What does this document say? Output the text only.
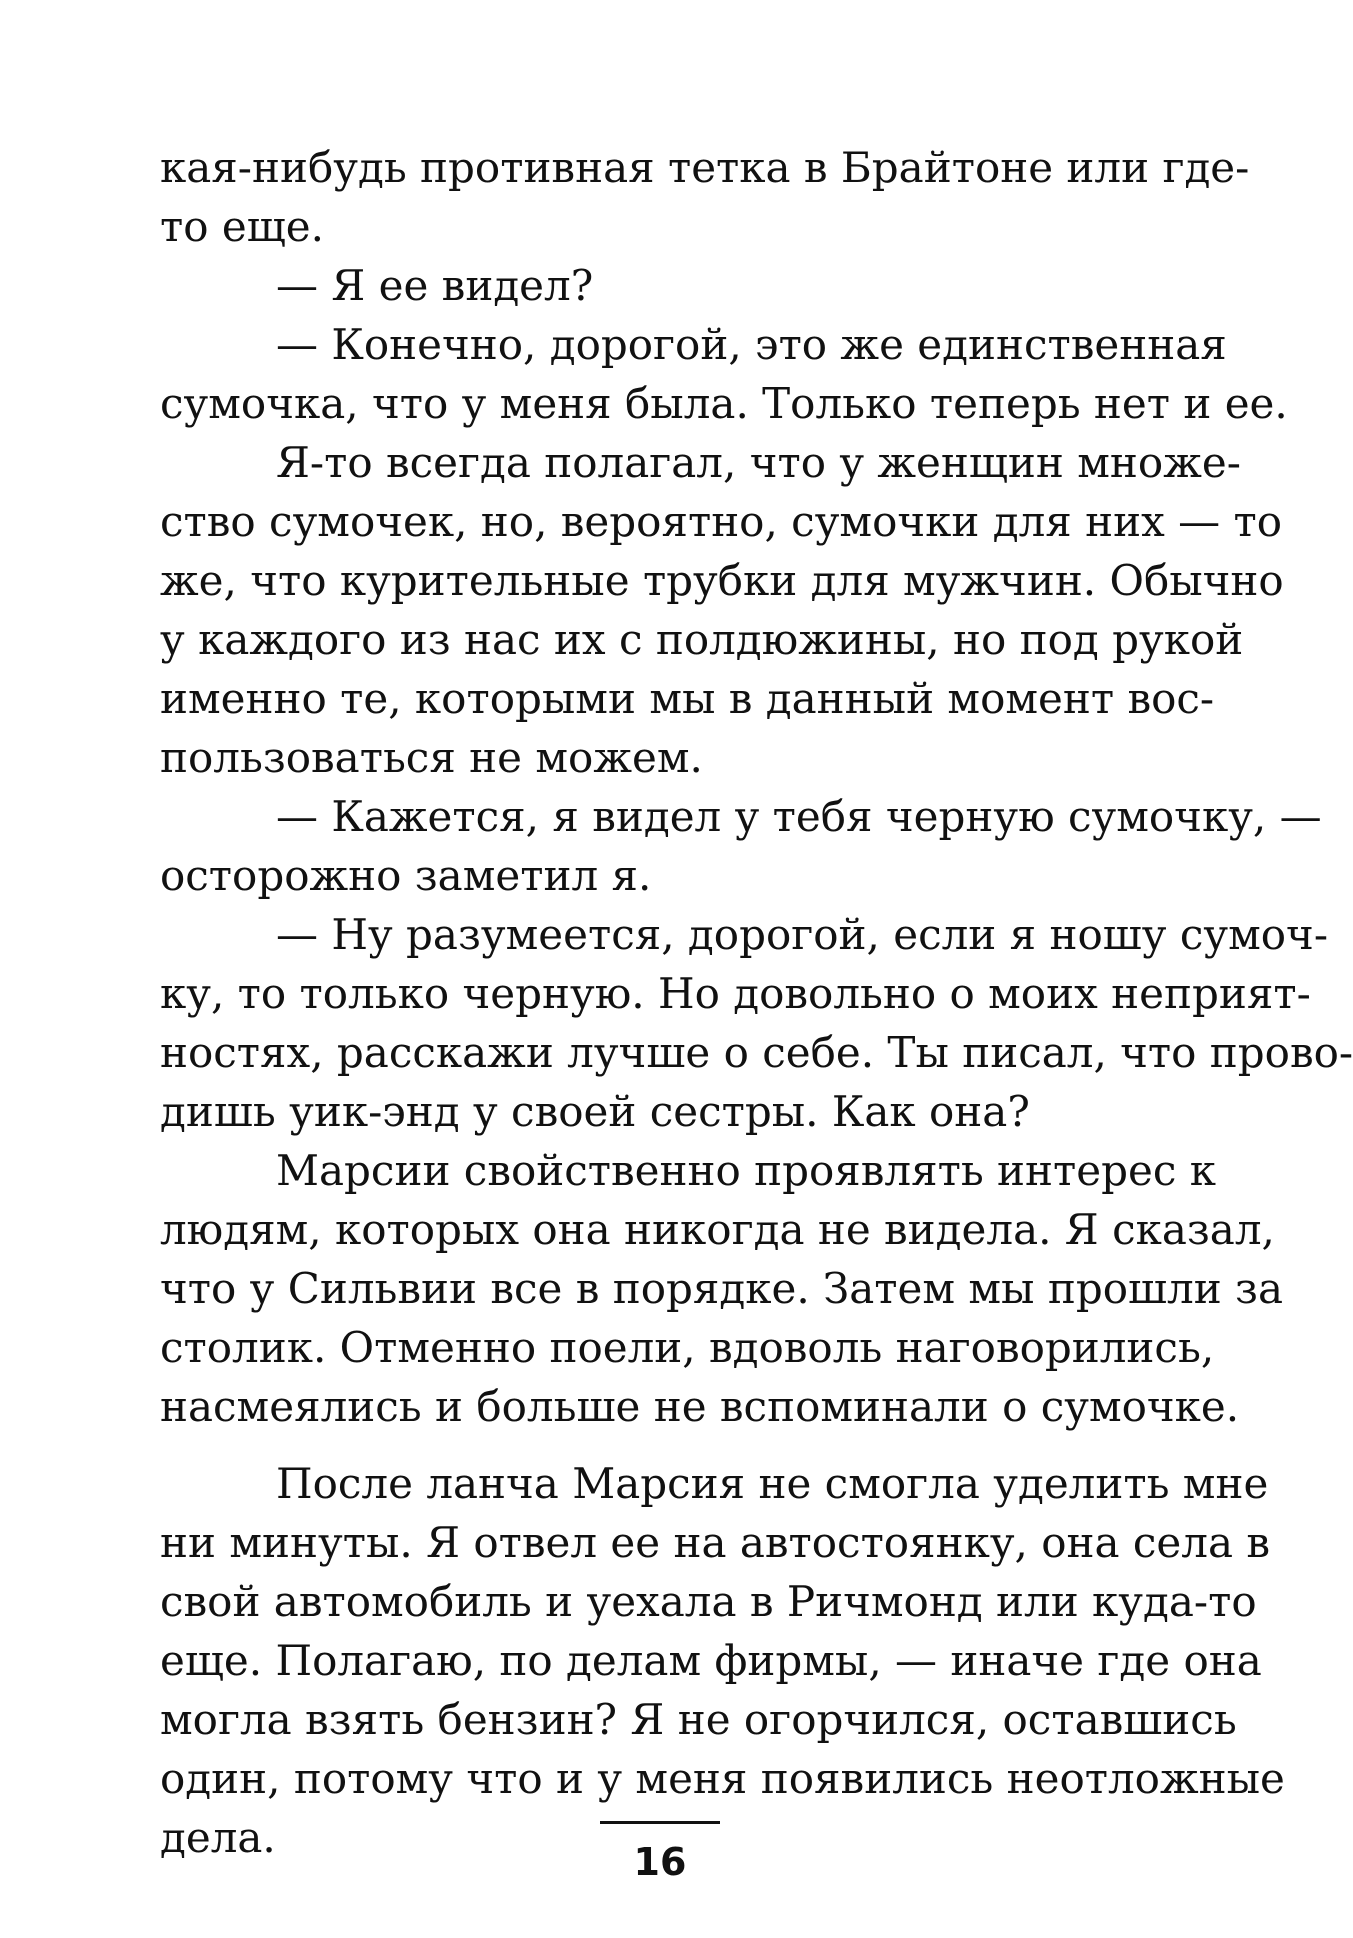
кая-нибудь противная тетка в Брайтоне или где-
то еще.
— Я ее видел?
— Конечно, дорогой, это же единственная
сумочка, что у меня была. Только теперь нет и ее.
Я-то всегда полагал, что у женщин множе-
ство сумочек, но, вероятно, сумочки для них — то
же, что курительные трубки для мужчин. Обычно
у каждого из нас их с полдюжины, но под рукой
именно те, которыми мы в данный момент вос-
пользоваться не можем.
— Кажется, я видел у тебя черную сумочку, —
осторожно заметил я.
— Ну разумеется, дорогой, если я ношу сумоч-
ку, то только черную. Но довольно о моих неприят-
ностях, расскажи лучше о себе. Ты писал, что прово-
дишь уик-энд у своей сестры. Как она?
Марсии свойственно проявлять интерес к
людям, которых она никогда не видела. Я сказал,
что у Сильвии все в порядке. Затем мы прошли за
столик. Отменно поели, вдоволь наговорились,
насмеялись и больше не вспоминали о сумочке.
После ланча Марсия не смогла уделить мне
ни минуты. Я отвел ее на автостоянку, она села в
свой автомобиль и уехала в Ричмонд или куда-то
еще. Полагаю, по делам фирмы, — иначе где она
могла взять бензин? Я не огорчился, оставшись
один, потому что и у меня появились неотложные
дела.	16
